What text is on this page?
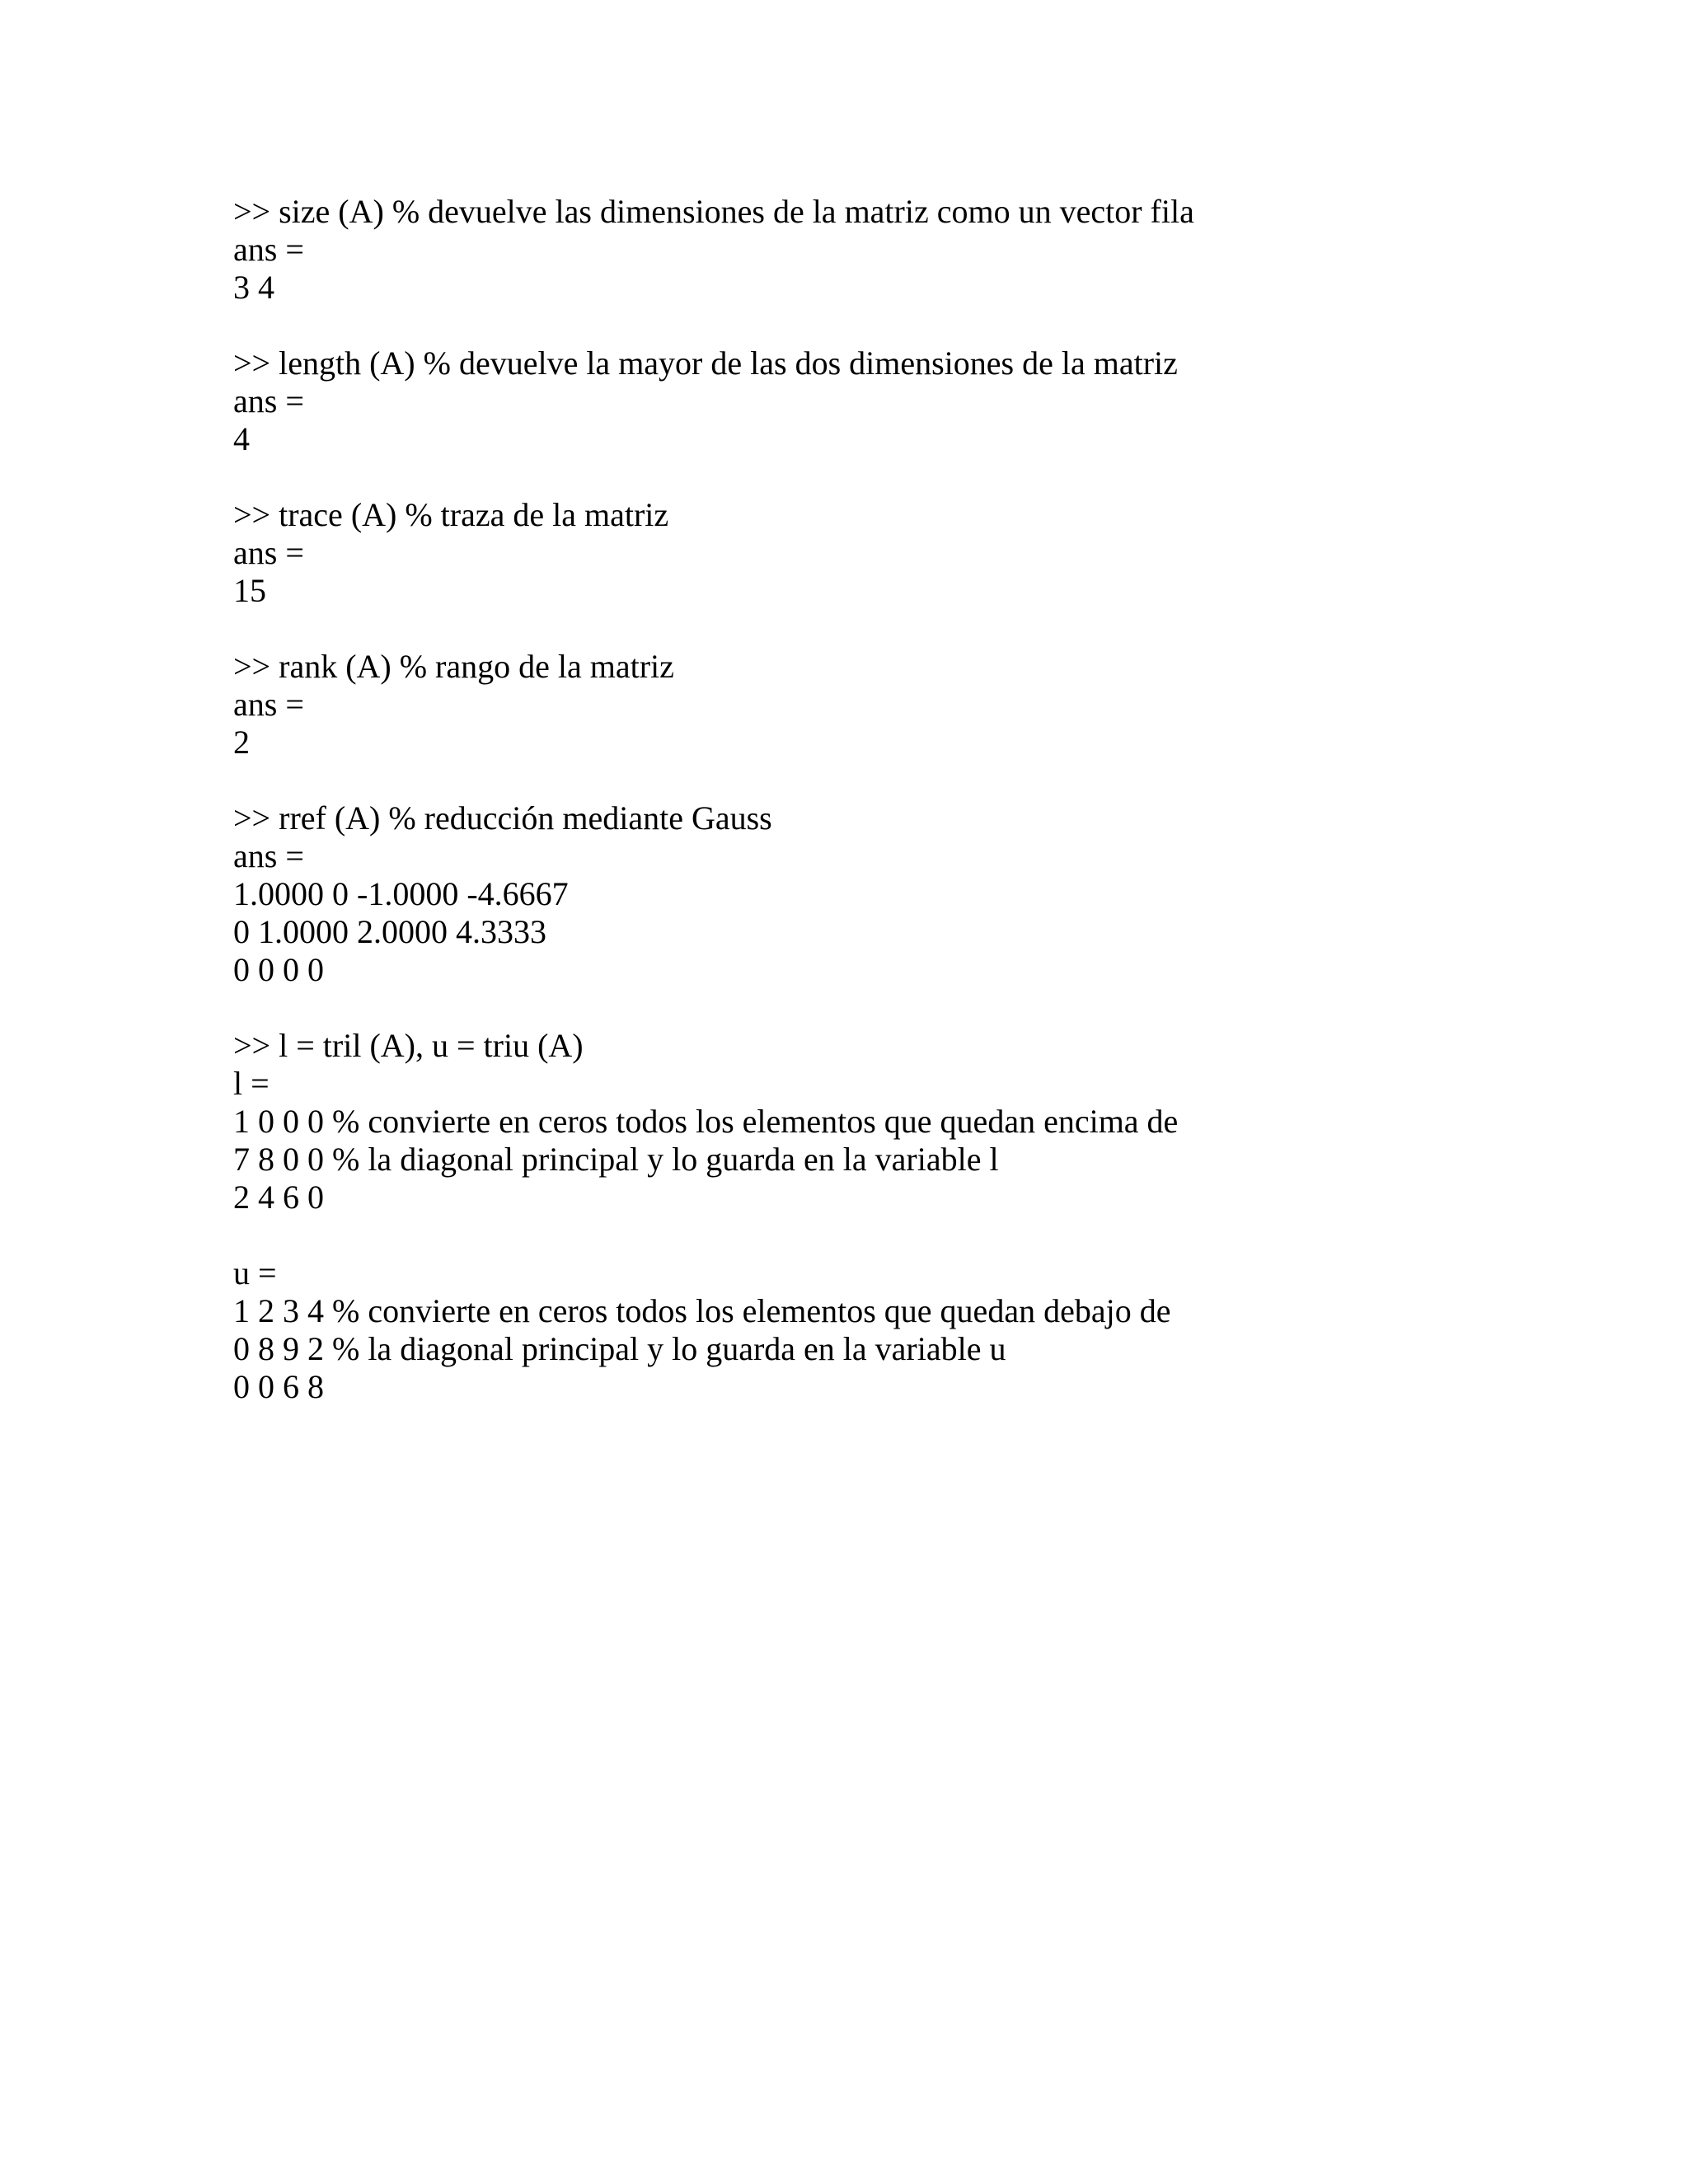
>> size (A) % devuelve las dimensiones de la matriz como un vector fila
ans =
3 4
>> length (A) % devuelve la mayor de las dos dimensiones de la matriz
ans =
4
>> trace (A) % traza de la matriz
ans =
15
>> rank (A) % rango de la matriz
ans =
2
>> rref (A) % reducción mediante Gauss
ans =
1.0000 0 -1.0000 -4.6667
0 1.0000 2.0000 4.3333
0 0 0 0
>> l = tril (A), u = triu (A)
l =
1 0 0 0 % convierte en ceros todos los elementos que quedan encima de
7 8 0 0 % la diagonal principal y lo guarda en la variable l
2 4 6 0
u =
1 2 3 4 % convierte en ceros todos los elementos que quedan debajo de
0 8 9 2 % la diagonal principal y lo guarda en la variable u
0 0 6 8
